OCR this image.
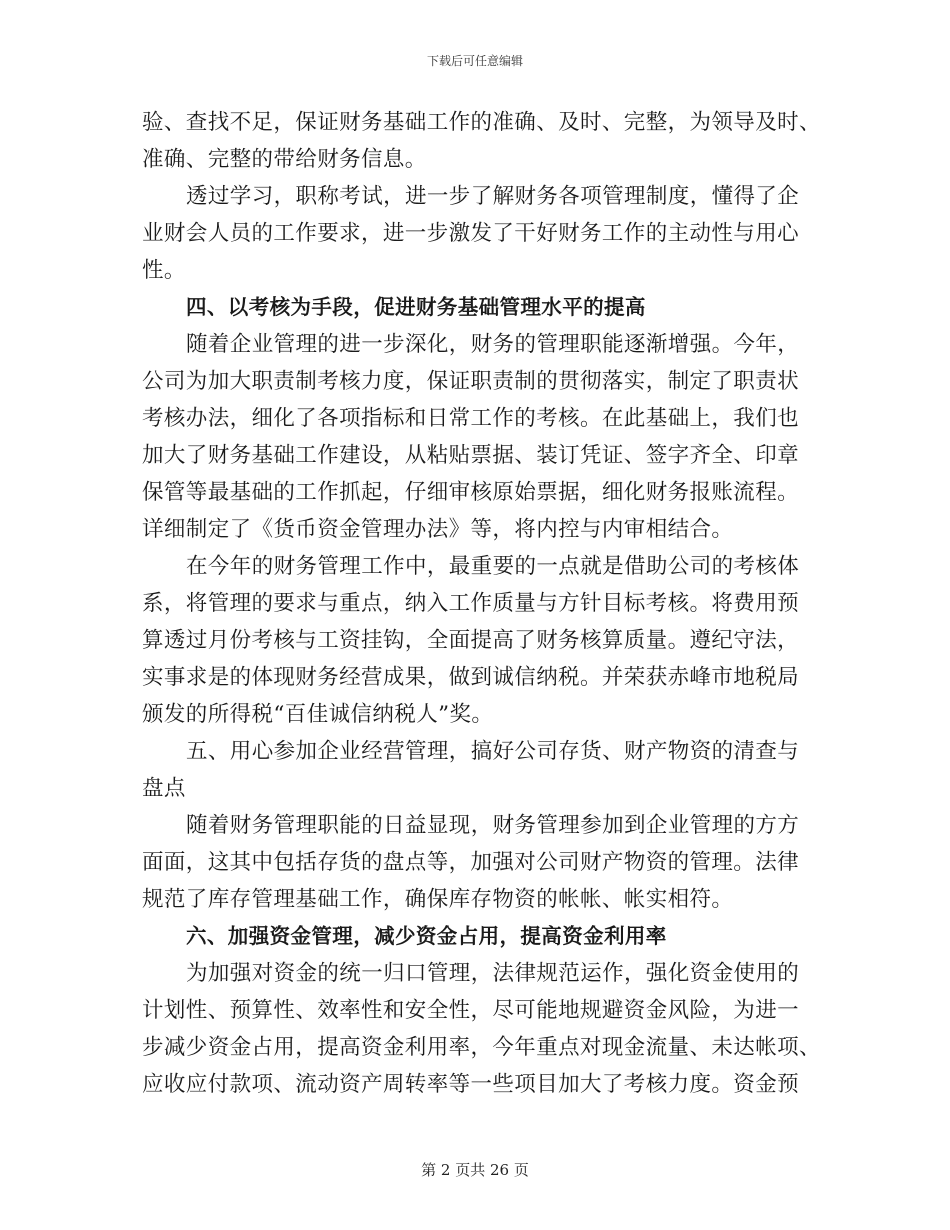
下载后可任意编辑
验、查找不足，保证财务基础工作的准确、及时、完整，为领导及时、
准确、完整的带给财务信息。
透过学习，职称考试，进一步了解财务各项管理制度，懂得了企
业财会人员的工作要求，进一步激发了干好财务工作的主动性与用心
性。
四、以考核为手段，促进财务基础管理水平的提高
随着企业管理的进一步深化，财务的管理职能逐渐增强。今年，
公司为加大职责制考核力度，保证职责制的贯彻落实，制定了职责状
考核办法，细化了各项指标和日常工作的考核。在此基础上，我们也
加大了财务基础工作建设，从粘贴票据、装订凭证、签字齐全、印章
保管等最基础的工作抓起，仔细审核原始票据，细化财务报账流程。
详细制定了《货币资金管理办法》等，将内控与内审相结合。
在今年的财务管理工作中，最重要的一点就是借助公司的考核体
系，将管理的要求与重点，纳入工作质量与方针目标考核。将费用预
算透过月份考核与工资挂钩，全面提高了财务核算质量。遵纪守法，
实事求是的体现财务经营成果，做到诚信纳税。并荣获赤峰市地税局
颁发的所得税“百佳诚信纳税人”奖。
五、用心参加企业经营管理，搞好公司存货、财产物资的清查与
盘点
随着财务管理职能的日益显现，财务管理参加到企业管理的方方
面面，这其中包括存货的盘点等，加强对公司财产物资的管理。法律
规范了库存管理基础工作，确保库存物资的帐帐、帐实相符。
六、加强资金管理，减少资金占用，提高资金利用率
为加强对资金的统一归口管理，法律规范运作，强化资金使用的
计划性、预算性、效率性和安全性，尽可能地规避资金风险，为进一
步减少资金占用，提高资金利用率，今年重点对现金流量、未达帐项、
应收应付款项、流动资产周转率等一些项目加大了考核力度。资金预
第 2 页共 26 页
